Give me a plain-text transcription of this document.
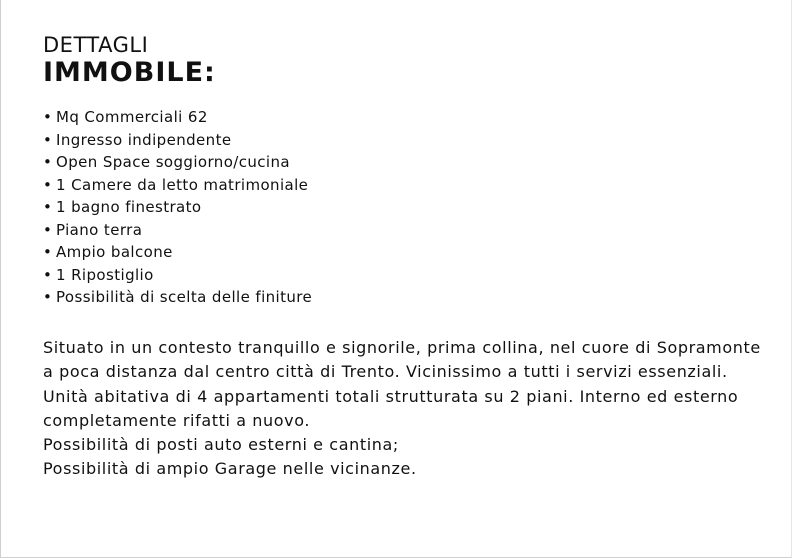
DETTAGLI
IMMOBILE:
• Mq Commerciali 62
• Ingresso indipendente
• Open Space soggiorno/cucina
• 1 Camere da letto matrimoniale
• 1 bagno finestrato
• Piano terra
• Ampio balcone
• 1 Ripostiglio
• Possibilità di scelta delle finiture

Situato in un contesto tranquillo e signorile, prima collina, nel cuore di Sopramonte a poca distanza dal centro città di Trento. Vicinissimo a tutti i servizi essenziali.

Unità abitativa di 4 appartamenti totali strutturata su 2 piani. Interno ed esterno completamente rifatti a nuovo.

Possibilità di posti auto esterni e cantina;

Possibilità di ampio Garage nelle vicinanze.
